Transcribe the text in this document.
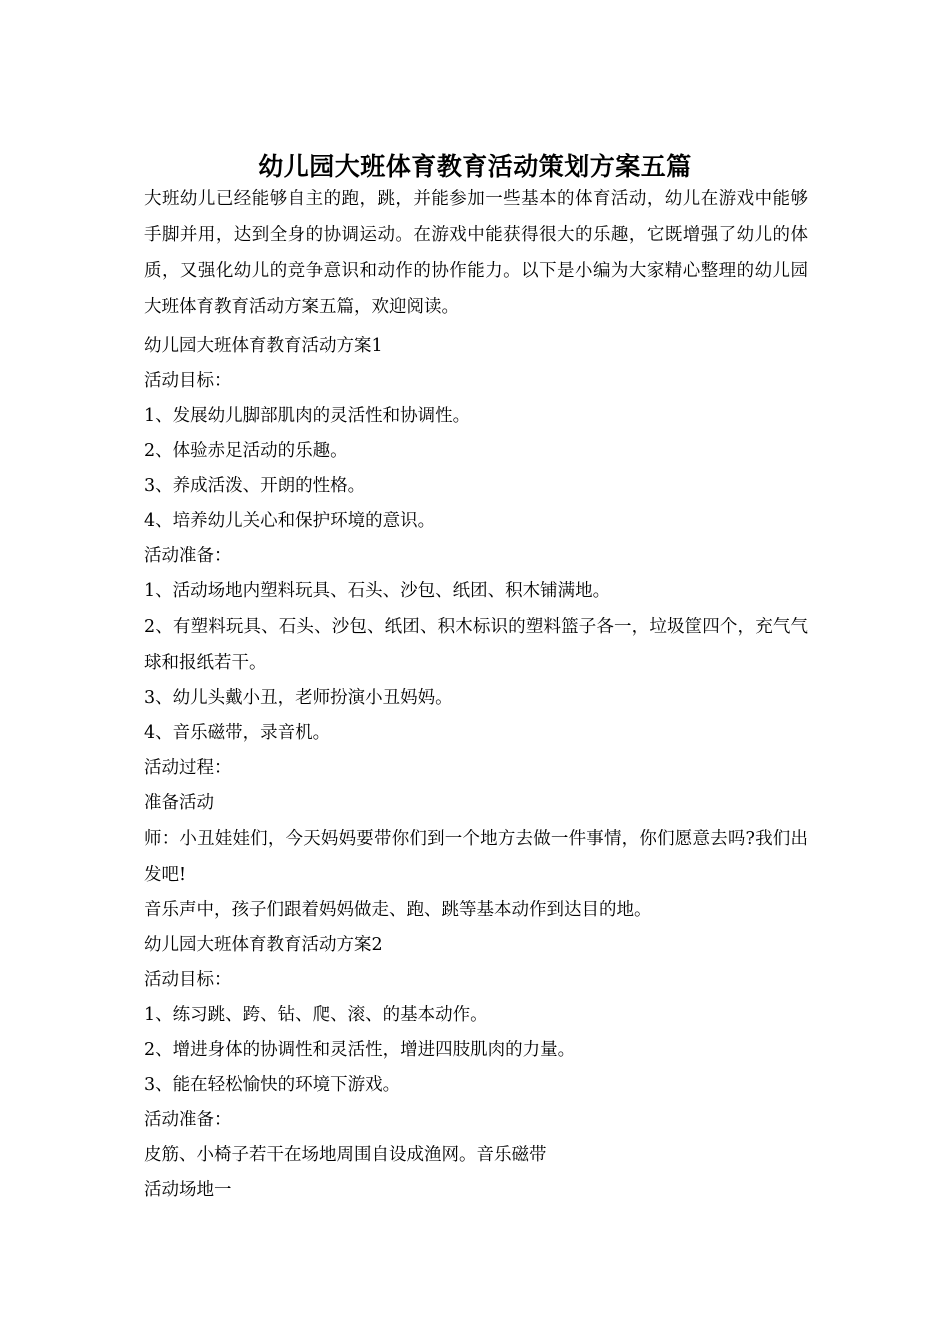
幼儿园大班体育教育活动策划方案五篇

大班幼儿已经能够自主的跑，跳，并能参加一些基本的体育活动，幼儿在游戏中能够手脚并用，达到全身的协调运动。在游戏中能获得很大的乐趣，它既增强了幼儿的体质，又强化幼儿的竞争意识和动作的协作能力。以下是小编为大家精心整理的幼儿园大班体育教育活动方案五篇，欢迎阅读。

幼儿园大班体育教育活动方案1
活动目标：
1、发展幼儿脚部肌肉的灵活性和协调性。
2、体验赤足活动的乐趣。
3、养成活泼、开朗的性格。
4、培养幼儿关心和保护环境的意识。
活动准备：
1、活动场地内塑料玩具、石头、沙包、纸团、积木铺满地。
2、有塑料玩具、石头、沙包、纸团、积木标识的塑料篮子各一，垃圾筐四个，充气气球和报纸若干。
3、幼儿头戴小丑，老师扮演小丑妈妈。
4、音乐磁带，录音机。
活动过程：
准备活动
师：小丑娃娃们，今天妈妈要带你们到一个地方去做一件事情，你们愿意去吗?我们出发吧!
音乐声中，孩子们跟着妈妈做走、跑、跳等基本动作到达目的地。
幼儿园大班体育教育活动方案2
活动目标：
1、练习跳、跨、钻、爬、滚、的基本动作。
2、增进身体的协调性和灵活性，增进四肢肌肉的力量。
3、能在轻松愉快的环境下游戏。
活动准备：
皮筋、小椅子若干在场地周围自设成渔网。音乐磁带
活动场地一
